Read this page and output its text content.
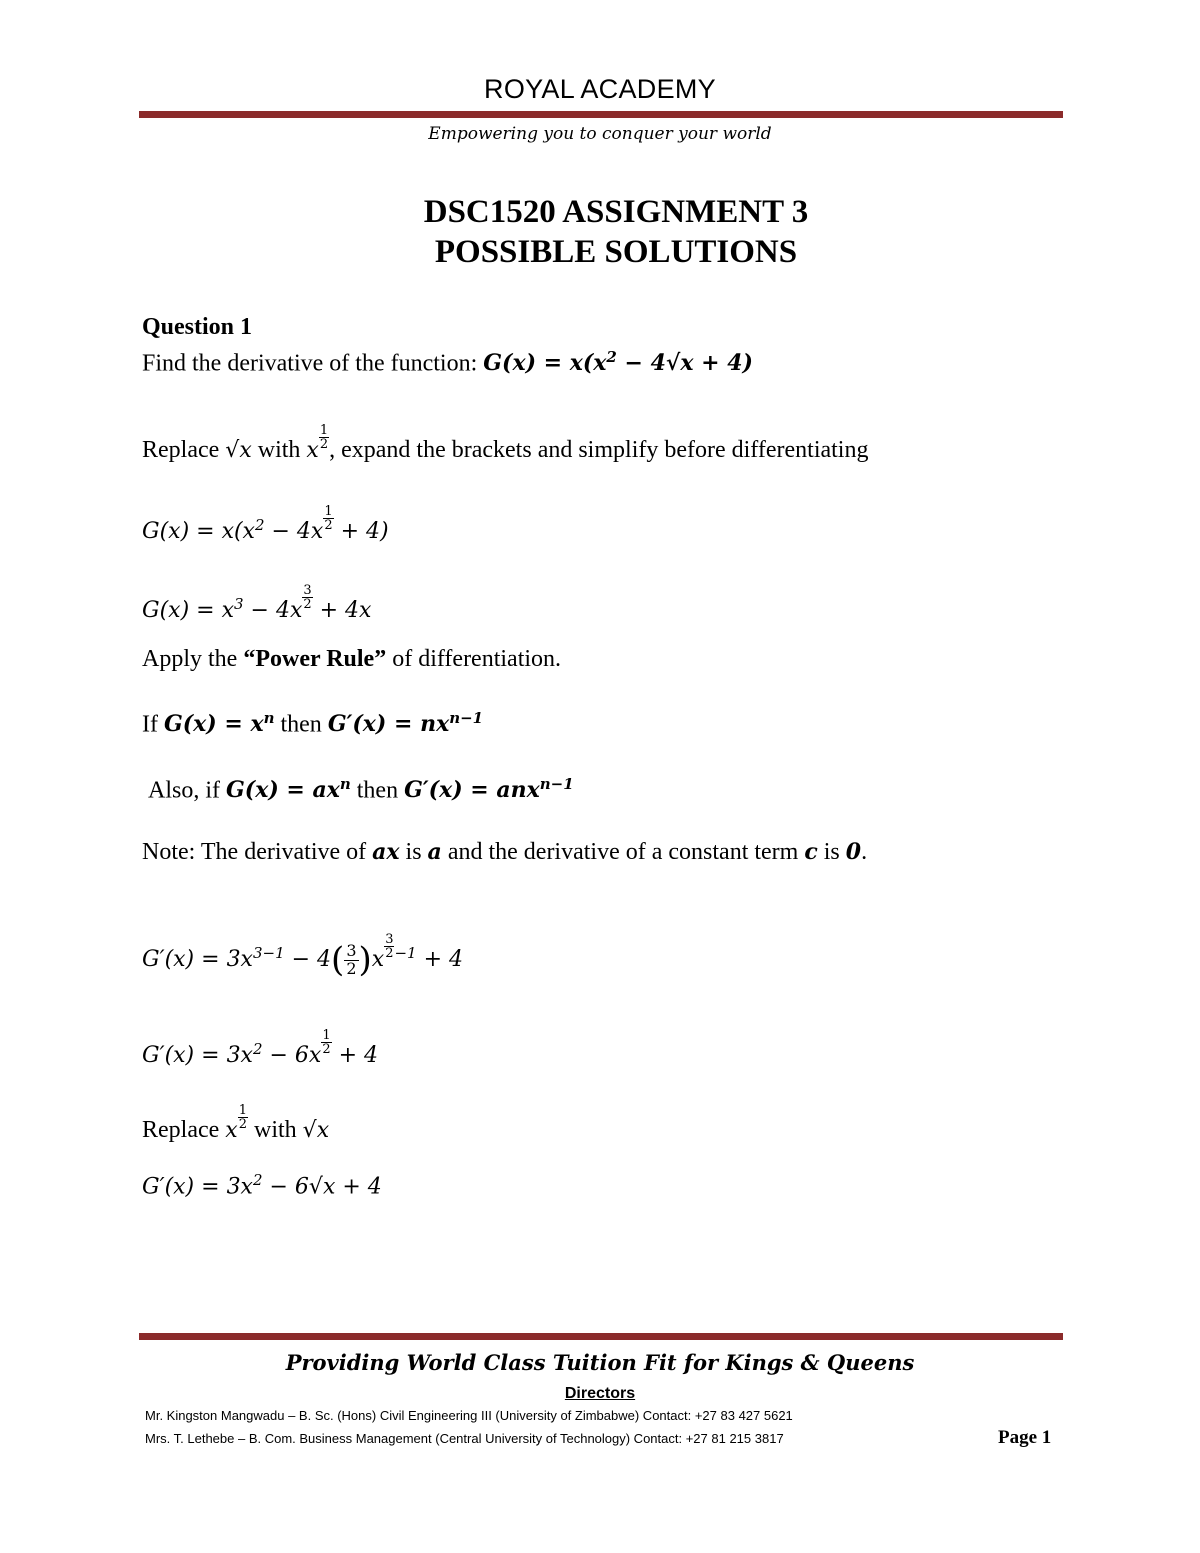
ROYAL ACADEMY
Empowering you to conquer your world
DSC1520 ASSIGNMENT 3
POSSIBLE SOLUTIONS
Question 1
Find the derivative of the function: $G(x) = x(x^2 - 4√x + 4)$
Replace √x with x $\frac{1}{2}$ , expand the brackets and simplify before differentiating
$G(x) = x(x^2 - 4x \frac{1}{2} + 4)$
$G(x) = x^3 - 4x \frac{3}{2} + 4x$
Apply the “Power Rule” of differentiation.
If $G(x) = x^n$ then $G'(x) = nx^{n-1}$
Also, if $G(x) = ax^n$ then G′(x) = anx$^{n-1}$
Note: The derivative of ax is a and the derivative of a constant term c is 0.
$G'(x) = 3x^{3-1} - 4( \frac{3}{2} )x \frac{3}{2} ^{-1} + 4$
$G'(x) = 3x^2 - 6x \frac{1}{2} + 4$
Replace x $\frac{1}{2}$ with √x
$G'(x) = 3x^2 - 6√x + 4$
Providing World Class Tuition Fit for Kings & Queens
Directors
Mr. Kingston Mangwadu – B. Sc. (Hons) Civil Engineering III (University of Zimbabwe) Contact: +27 83 427 5621
Mrs. T. Lethebe – B. Com. Business Management (Central University of Technology) Contact: +27 81 215 3817	Page 1
